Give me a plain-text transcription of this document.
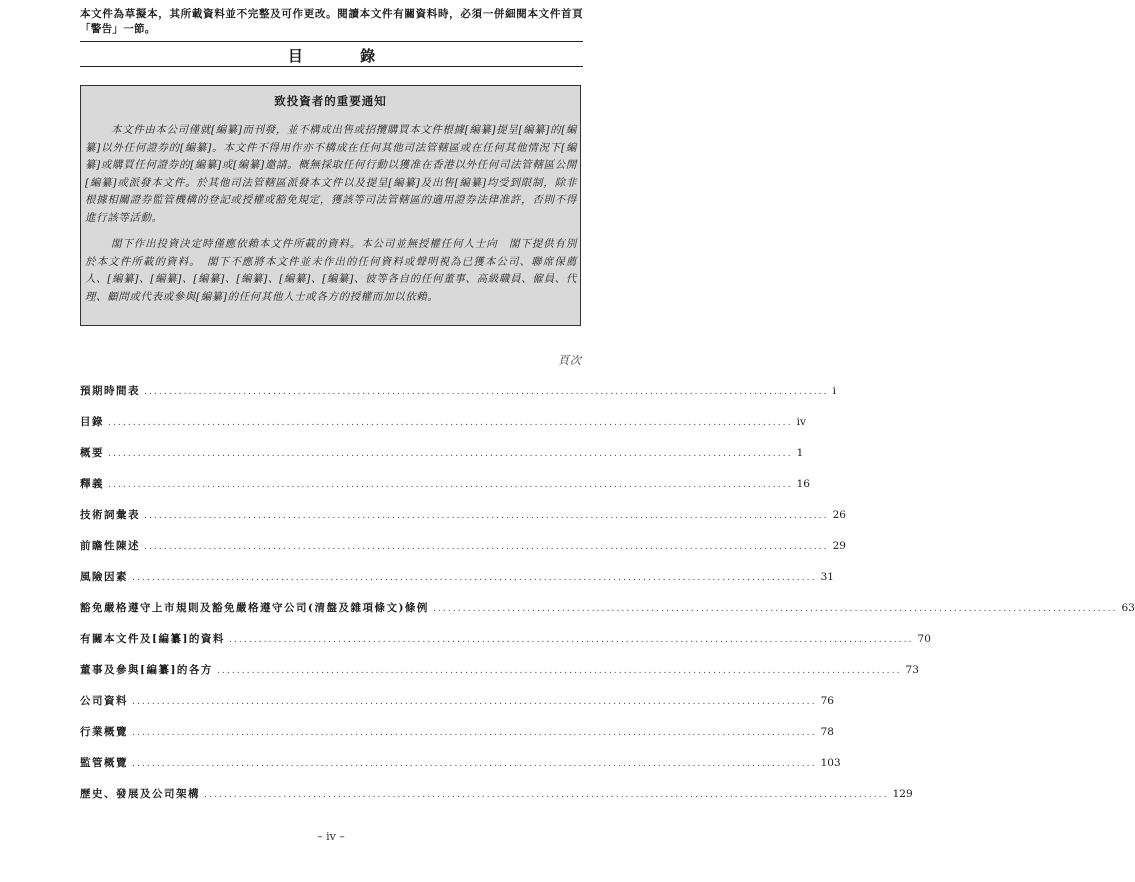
本文件為草擬本，其所載資料並不完整及可作更改。閱讀本文件有關資料時，必須一併細閱本文件首頁「警告」一節。
目 錄
致投資者的重要通知

本文件由本公司僅就[編纂]而刊發，並不構成出售或招攬購買本文件根據[編纂]提呈[編纂]的[編纂]以外任何證券的[編纂]。本文件不得用作亦不構成在任何其他司法管轄區或在任何其他情況下[編纂]或購買任何證券的[編纂]或[編纂]邀請。概無採取任何行動以獲准在香港以外任何司法管轄區公開[編纂]或派發本文件。於其他司法管轄區派發本文件以及提呈[編纂]及出售[編纂]均受到限制，除非根據相關證券監管機構的登記或授權或豁免規定，獲該等司法管轄區的適用證券法律准許，否則不得進行該等活動。

閣下作出投資決定時僅應依賴本文件所載的資料。本公司並無授權任何人士向　閣下提供有別於本文件所載的資料。　閣下不應將本文件並未作出的任何資料或聲明視為已獲本公司、聯席保薦人、[編纂]、[編纂]、[編纂]、[編纂]、[編纂]、[編纂]、彼等各自的任何董事、高級職員、僱員、代理、顧問或代表或參與[編纂]的任何其他人士或各方的授權而加以依賴。

頁次
預期時間表 .......................................................................................................................................... i
目錄 .......................................................................................................................................... iv
概要 .......................................................................................................................................... 1
釋義 .......................................................................................................................................... 16
技術詞彙表 .......................................................................................................................................... 26
前瞻性陳述 .......................................................................................................................................... 29
風險因素 .......................................................................................................................................... 31
豁免嚴格遵守上市規則及豁免嚴格遵守公司(清盤及雜項條文)條例 .......................................................................................................................................... 63
有關本文件及[編纂]的資料 .......................................................................................................................................... 70
董事及參與[編纂]的各方 .......................................................................................................................................... 73
公司資料 .......................................................................................................................................... 76
行業概覽 .......................................................................................................................................... 78
監管概覽 .......................................................................................................................................... 103
歷史、發展及公司架構 .......................................................................................................................................... 129
– iv –
